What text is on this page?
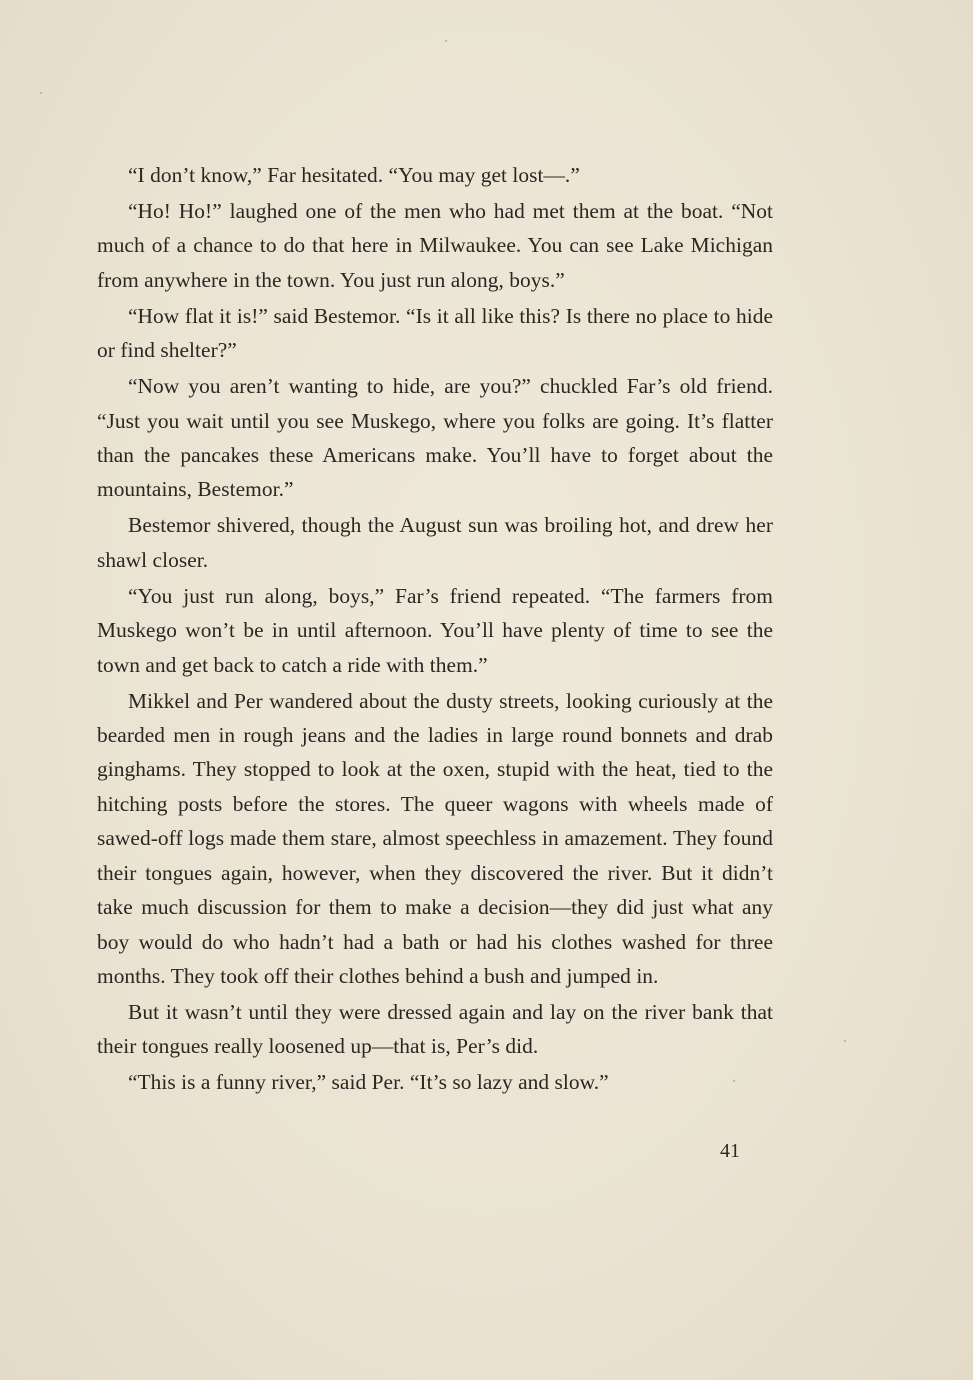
“I don’t know,” Far hesitated. “You may get lost—.”

“Ho! Ho!” laughed one of the men who had met them at the boat. “Not much of a chance to do that here in Milwaukee. You can see Lake Michigan from anywhere in the town. You just run along, boys.”

“How flat it is!” said Bestemor. “Is it all like this? Is there no place to hide or find shelter?”

“Now you aren’t wanting to hide, are you?” chuckled Far’s old friend. “Just you wait until you see Muskego, where you folks are going. It’s flatter than the pancakes these Americans make. You’ll have to forget about the mountains, Bestemor.”

Bestemor shivered, though the August sun was broiling hot, and drew her shawl closer.

“You just run along, boys,” Far’s friend repeated. “The farmers from Muskego won’t be in until afternoon. You’ll have plenty of time to see the town and get back to catch a ride with them.”

Mikkel and Per wandered about the dusty streets, looking curiously at the bearded men in rough jeans and the ladies in large round bonnets and drab ginghams. They stopped to look at the oxen, stupid with the heat, tied to the hitching posts before the stores. The queer wagons with wheels made of sawed-off logs made them stare, almost speechless in amazement. They found their tongues again, however, when they discovered the river. But it didn’t take much discussion for them to make a decision—they did just what any boy would do who hadn’t had a bath or had his clothes washed for three months. They took off their clothes behind a bush and jumped in.

But it wasn’t until they were dressed again and lay on the river bank that their tongues really loosened up—that is, Per’s did.

“This is a funny river,” said Per. “It’s so lazy and slow.”

41
